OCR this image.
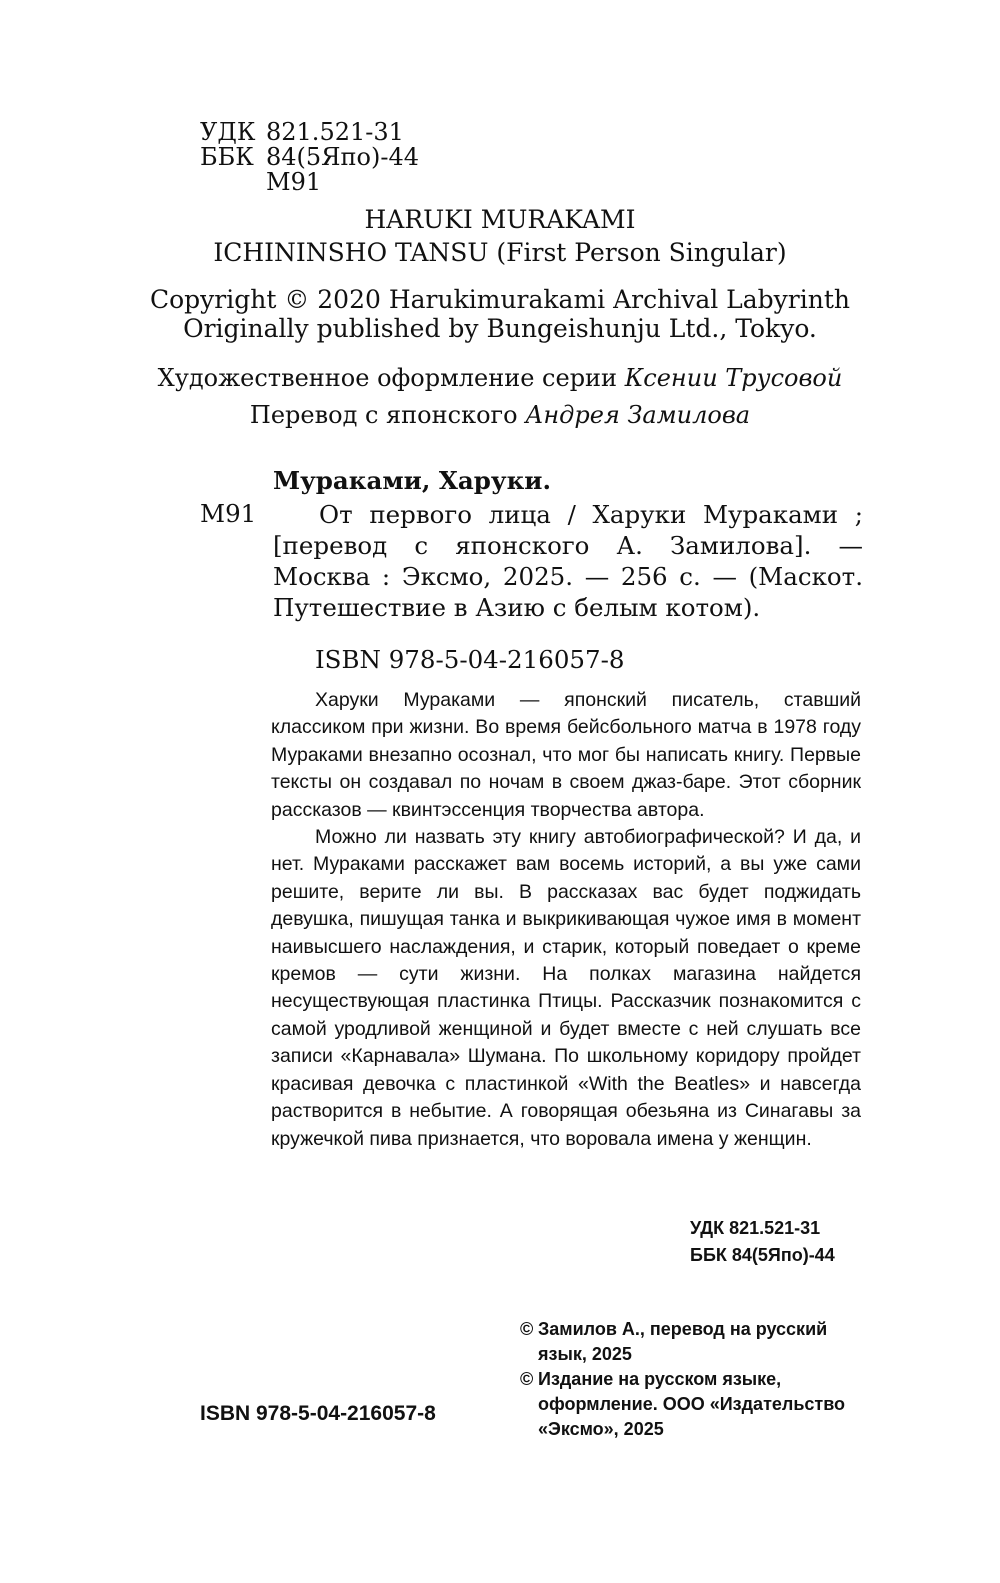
УДК 821.521-31
ББК 84(5Япо)-44
М91
HARUKI MURAKAMI
ICHININSHO TANSU (First Person Singular)
Copyright © 2020 Harukimurakami Archival Labyrinth
Originally published by Bungeishunju Ltd., Tokyo.
Художественное оформление серии Ксении Трусовой
Перевод с японского Андрея Замилова
Мураками, Харуки.
М91	От первого лица / Харуки Мураками ; [перевод с японского А. Замилова]. — Москва : Эксмо, 2025. — 256 с. — (Маскот. Путешествие в Азию с белым котом).
ISBN 978-5-04-216057-8

Харуки Мураками — японский писатель, ставший классиком при жизни. Во время бейсбольного матча в 1978 году Мураками внезапно осознал, что мог бы написать книгу. Первые тексты он создавал по ночам в своем джаз-баре. Этот сборник рассказов — квинтэссенция творчества автора.

Можно ли назвать эту книгу автобиографической? И да, и нет. Мураками расскажет вам восемь историй, а вы уже сами решите, верите ли вы. В рассказах вас будет поджидать девушка, пишущая танка и выкрикивающая чужое имя в момент наивысшего наслаждения, и старик, который поведает о креме кремов — сути жизни. На полках магазина найдется несуществующая пластинка Птицы. Рассказчик познакомится с самой уродливой женщиной и будет вместе с ней слушать все записи «Карнавала» Шумана. По школьному коридору пройдет красивая девочка с пластинкой «With the Beatles» и навсегда растворится в небытие. А говорящая обезьяна из Синагавы за кружечкой пива признается, что воровала имена у женщин.

УДК 821.521-31
ББК 84(5Япо)-44
© Замилов А., перевод на русский язык, 2025
© Издание на русском языке, оформление. ООО «Издательство «Эксмо», 2025
ISBN 978-5-04-216057-8
